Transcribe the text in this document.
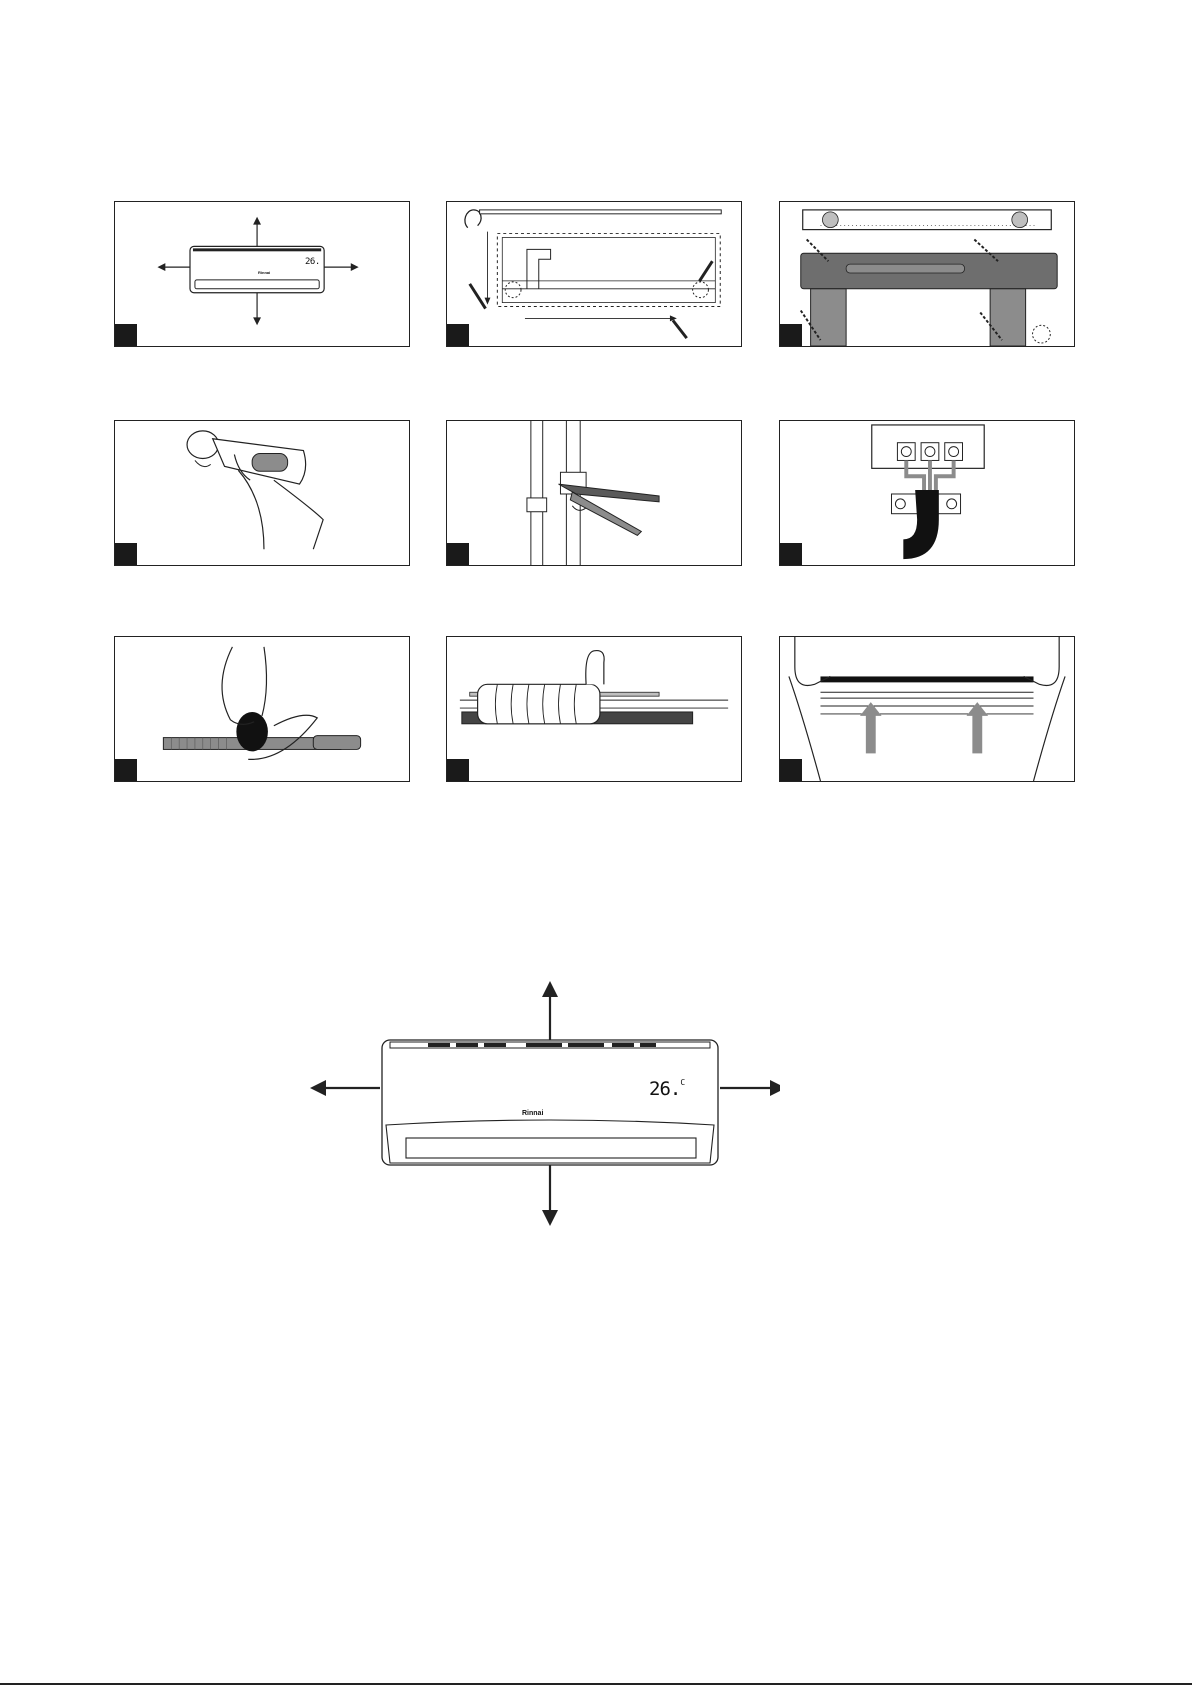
26.
Rinnai
26.$^C$
Rinnai
